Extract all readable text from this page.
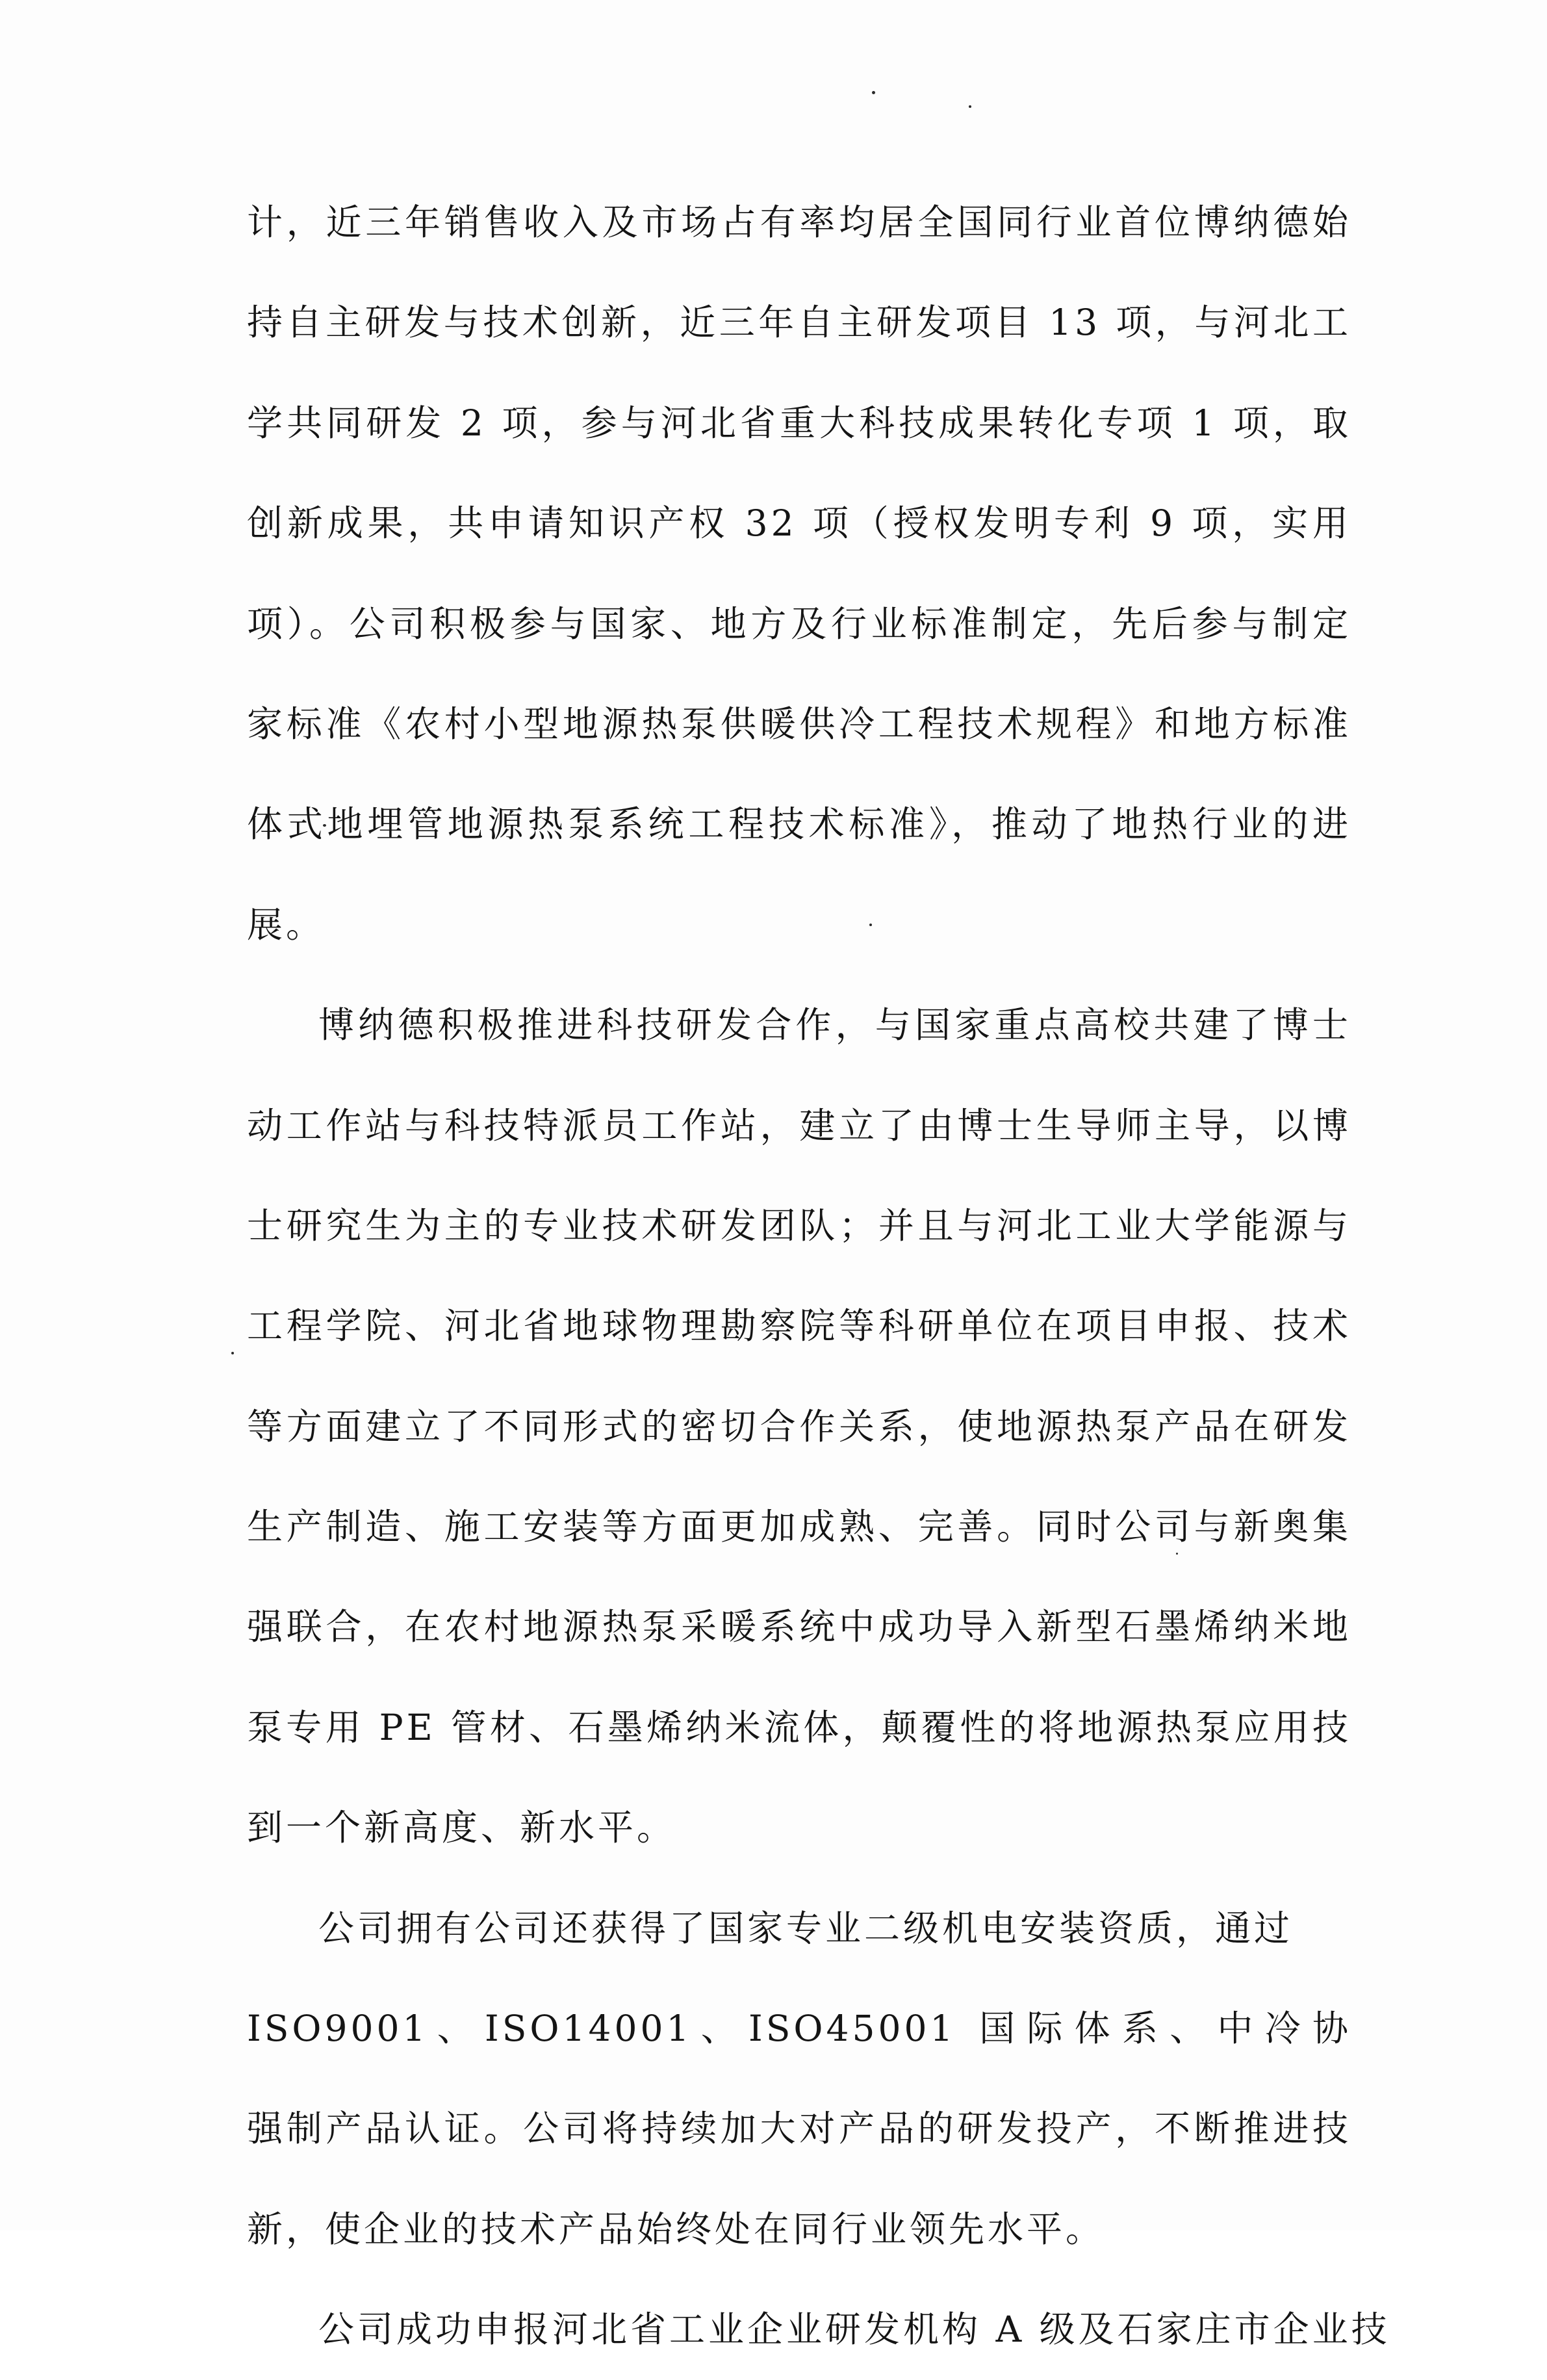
计，近三年销售收入及市场占有率均居全国同行业首位博纳德始
持自主研发与技术创新，近三年自主研发项目 13 项，与河北工
学共同研发 2 项，参与河北省重大科技成果转化专项 1 项，取
创新成果，共申请知识产权 32 项（授权发明专利 9 项，实用
项）。公司积极参与国家、地方及行业标准制定，先后参与制定
家标准《农村小型地源热泵供暖供冷工程技术规程》和地方标准
体式地埋管地源热泵系统工程技术标准》，推动了地热行业的进
展。
博纳德积极推进科技研发合作，与国家重点高校共建了博士
动工作站与科技特派员工作站，建立了由博士生导师主导，以博
士研究生为主的专业技术研发团队；并且与河北工业大学能源与
工程学院、河北省地球物理勘察院等科研单位在项目申报、技术
等方面建立了不同形式的密切合作关系，使地源热泵产品在研发
生产制造、施工安装等方面更加成熟、完善。同时公司与新奥集
强联合，在农村地源热泵采暖系统中成功导入新型石墨烯纳米地
泵专用 PE 管材、石墨烯纳米流体，颠覆性的将地源热泵应用技
到一个新高度、新水平。
公司拥有公司还获得了国家专业二级机电安装资质，通过
ISO9001、ISO14001、ISO45001 国际体系、中冷协
强制产品认证。公司将持续加大对产品的研发投产，不断推进技
新，使企业的技术产品始终处在同行业领先水平。
公司成功申报河北省工业企业研发机构 A 级及石家庄市企业技
